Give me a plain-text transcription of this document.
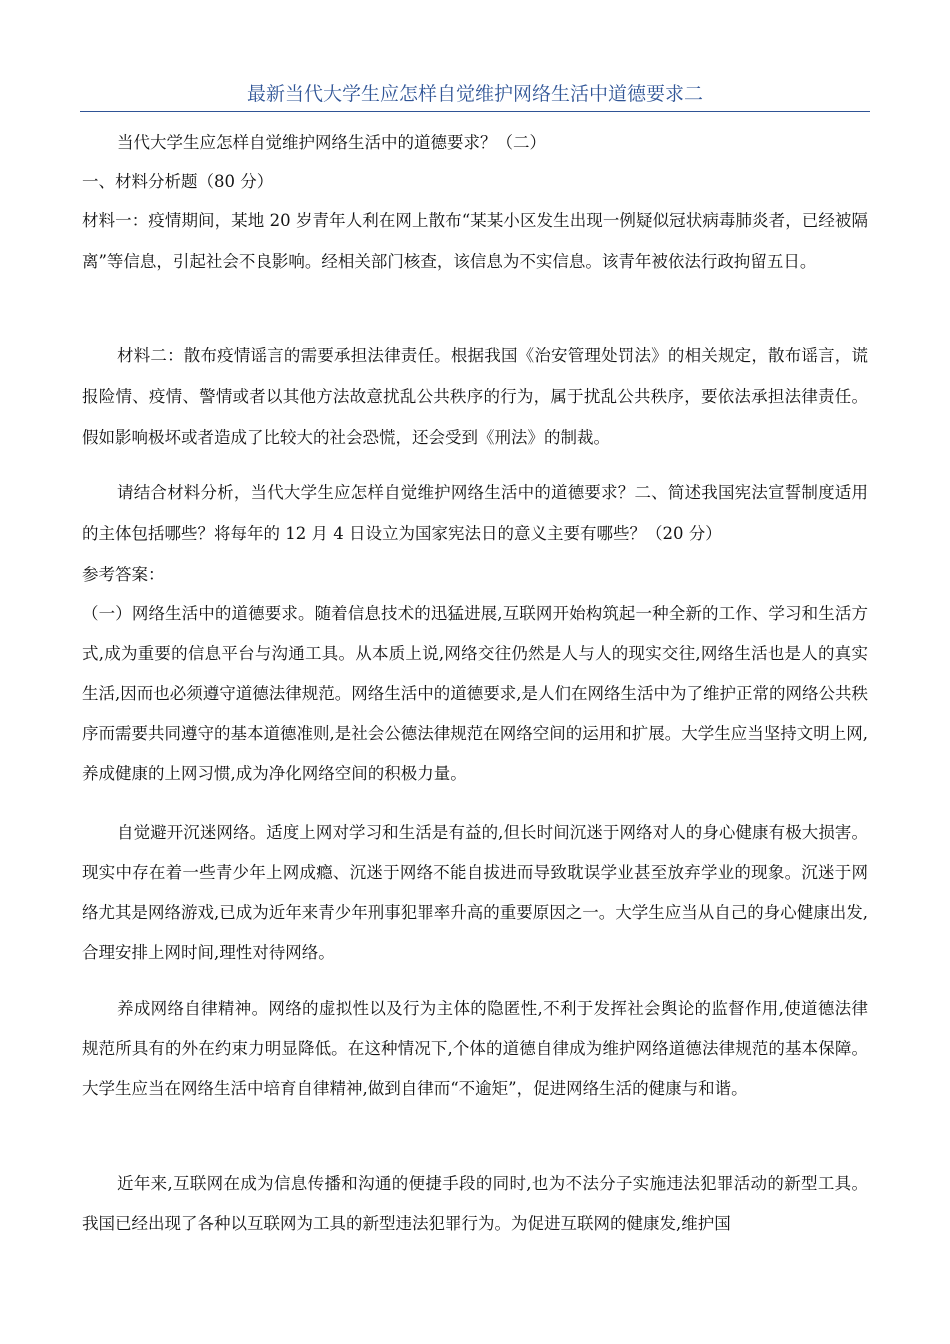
最新当代大学生应怎样自觉维护网络生活中道德要求二

当代大学生应怎样自觉维护网络生活中的道德要求？（二）

一、材料分析题（80 分）

材料一：疫情期间，某地 20 岁青年人利在网上散布“某某小区发生出现一例疑似冠状病毒肺炎者，已经被隔离”等信息，引起社会不良影响。经相关部门核查，该信息为不实信息。该青年被依法行政拘留五日。

材料二：散布疫情谣言的需要承担法律责任。根据我国《治安管理处罚法》的相关规定，散布谣言，谎报险情、疫情、警情或者以其他方法故意扰乱公共秩序的行为，属于扰乱公共秩序，要依法承担法律责任。假如影响极坏或者造成了比较大的社会恐慌，还会受到《刑法》的制裁。

请结合材料分析，当代大学生应怎样自觉维护网络生活中的道德要求？二、简述我国宪法宣誓制度适用的主体包括哪些？将每年的 12 月 4 日设立为国家宪法日的意义主要有哪些？（20 分）

参考答案：

（一）网络生活中的道德要求。随着信息技术的迅猛进展,互联网开始构筑起一种全新的工作、学习和生活方式,成为重要的信息平台与沟通工具。从本质上说,网络交往仍然是人与人的现实交往,网络生活也是人的真实生活,因而也必须遵守道德法律规范。网络生活中的道德要求,是人们在网络生活中为了维护正常的网络公共秩序而需要共同遵守的基本道德准则,是社会公德法律规范在网络空间的运用和扩展。大学生应当坚持文明上网,养成健康的上网习惯,成为净化网络空间的积极力量。

自觉避开沉迷网络。适度上网对学习和生活是有益的,但长时间沉迷于网络对人的身心健康有极大损害。现实中存在着一些青少年上网成瘾、沉迷于网络不能自拔进而导致耽误学业甚至放弃学业的现象。沉迷于网络尤其是网络游戏,已成为近年来青少年刑事犯罪率升高的重要原因之一。大学生应当从自己的身心健康出发,合理安排上网时间,理性对待网络。

养成网络自律精神。网络的虚拟性以及行为主体的隐匿性,不利于发挥社会舆论的监督作用,使道德法律规范所具有的外在约束力明显降低。在这种情况下,个体的道德自律成为维护网络道德法律规范的基本保障。大学生应当在网络生活中培育自律精神,做到自律而“不逾矩”，促进网络生活的健康与和谐。

近年来,互联网在成为信息传播和沟通的便捷手段的同时,也为不法分子实施违法犯罪活动的新型工具。我国已经出现了各种以互联网为工具的新型违法犯罪行为。为促进互联网的健康发,维护国
